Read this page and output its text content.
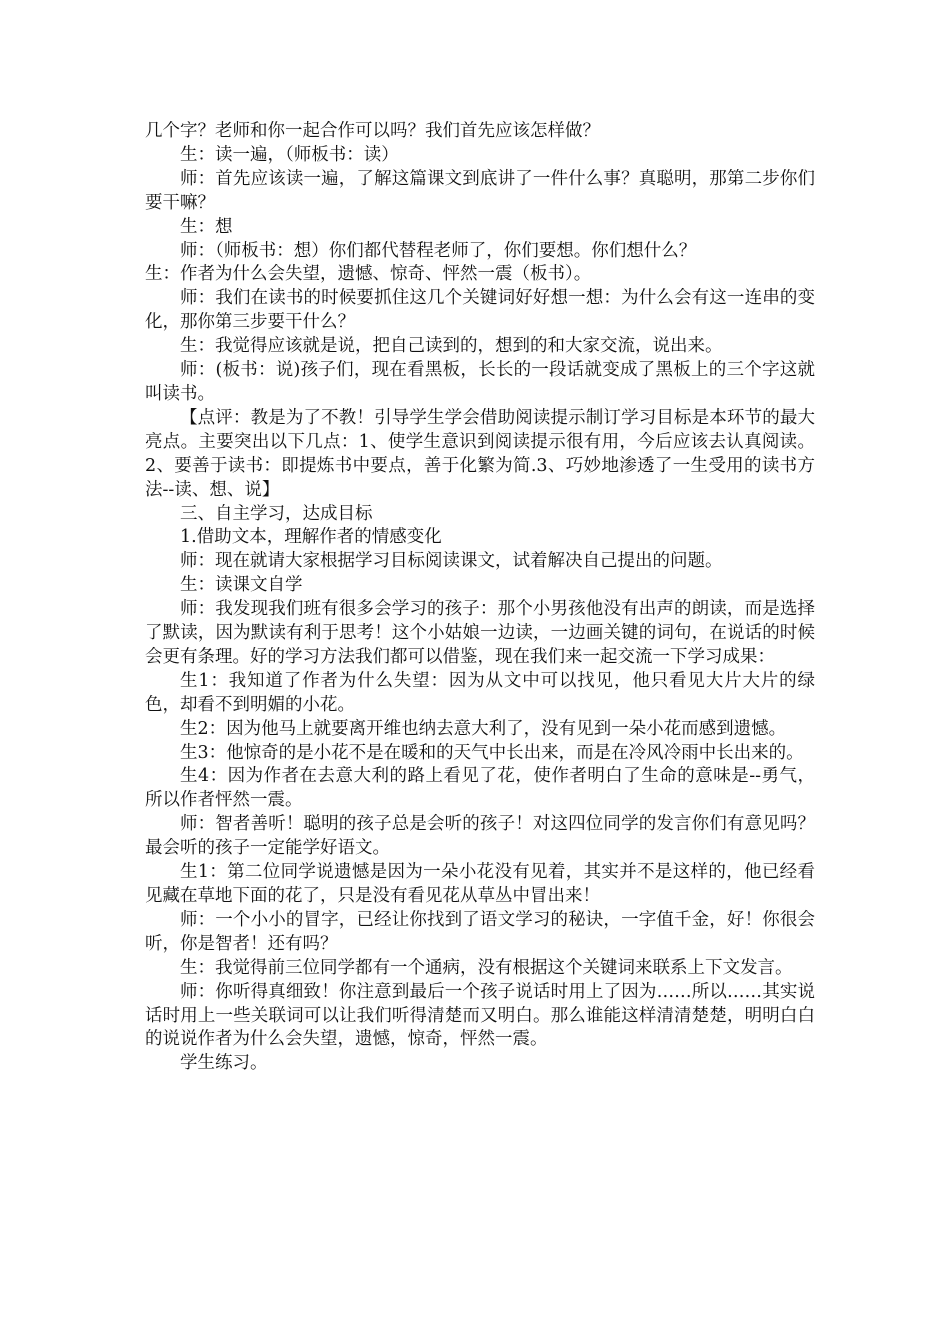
几个字？老师和你一起合作可以吗？我们首先应该怎样做？

生：读一遍，（师板书：读）

师：首先应该读一遍，了解这篇课文到底讲了一件什么事？真聪明，那第二步你们要干嘛？

生：想

师：（师板书：想）你们都代替程老师了，你们要想。你们想什么？

生：作者为什么会失望，遗憾、惊奇、怦然一震（板书）。

师：我们在读书的时候要抓住这几个关键词好好想一想：为什么会有这一连串的变化，那你第三步要干什么？

生：我觉得应该就是说，把自己读到的，想到的和大家交流，说出来。

师：(板书：说)孩子们，现在看黑板，长长的一段话就变成了黑板上的三个字这就叫读书。

【点评：教是为了不教！引导学生学会借助阅读提示制订学习目标是本环节的最大亮点。主要突出以下几点：1、使学生意识到阅读提示很有用，今后应该去认真阅读。2、要善于读书：即提炼书中要点，善于化繁为简.3、巧妙地渗透了一生受用的读书方法--读、想、说】

三、自主学习，达成目标

1.借助文本，理解作者的情感变化

师：现在就请大家根据学习目标阅读课文，试着解决自己提出的问题。

生：读课文自学

师：我发现我们班有很多会学习的孩子：那个小男孩他没有出声的朗读，而是选择了默读，因为默读有利于思考！这个小姑娘一边读，一边画关键的词句，在说话的时候会更有条理。好的学习方法我们都可以借鉴，现在我们来一起交流一下学习成果：

生1：我知道了作者为什么失望：因为从文中可以找见，他只看见大片大片的绿色，却看不到明媚的小花。

生2：因为他马上就要离开维也纳去意大利了，没有见到一朵小花而感到遗憾。

生3：他惊奇的是小花不是在暖和的天气中长出来，而是在冷风冷雨中长出来的。

生4：因为作者在去意大利的路上看见了花，使作者明白了生命的意味是--勇气，所以作者怦然一震。

师：智者善听！聪明的孩子总是会听的孩子！对这四位同学的发言你们有意见吗？最会听的孩子一定能学好语文。

生1：第二位同学说遗憾是因为一朵小花没有见着，其实并不是这样的，他已经看见藏在草地下面的花了，只是没有看见花从草丛中冒出来！

师：一个小小的冒字，已经让你找到了语文学习的秘诀，一字值千金，好！你很会听，你是智者！还有吗？

生：我觉得前三位同学都有一个通病，没有根据这个关键词来联系上下文发言。

师：你听得真细致！你注意到最后一个孩子说话时用上了因为……所以……其实说话时用上一些关联词可以让我们听得清楚而又明白。那么谁能这样清清楚楚，明明白白的说说作者为什么会失望，遗憾，惊奇，怦然一震。

学生练习。
